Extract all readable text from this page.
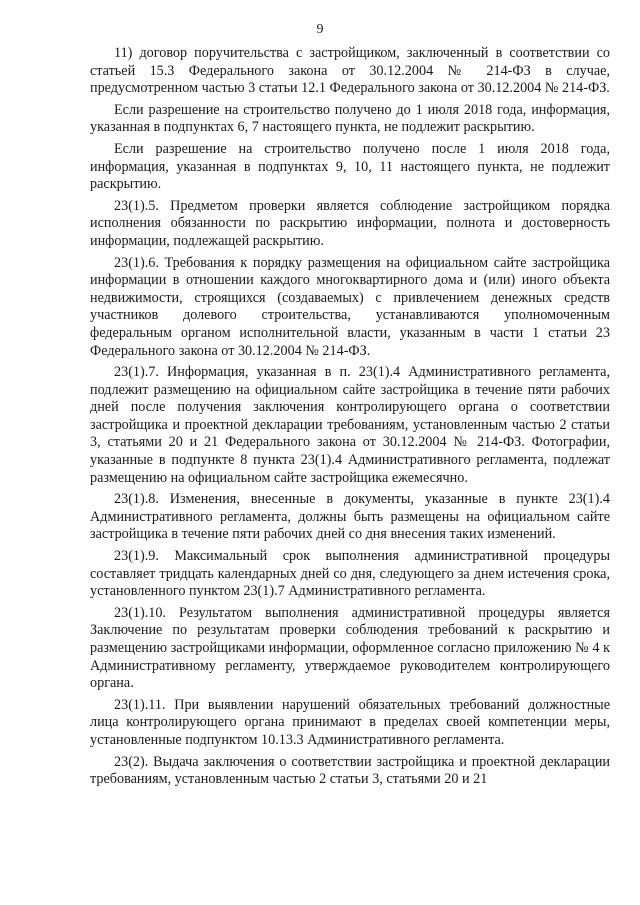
9

11) договор поручительства с застройщиком, заключенный в соответствии со статьей 15.3 Федерального закона от 30.12.2004 № 214-ФЗ в случае, предусмотренном частью 3 статьи 12.1 Федерального закона от 30.12.2004 № 214-ФЗ.

Если разрешение на строительство получено до 1 июля 2018 года, информация, указанная в подпунктах 6, 7 настоящего пункта, не подлежит раскрытию.

Если разрешение на строительство получено после 1 июля 2018 года, информация, указанная в подпунктах 9, 10, 11 настоящего пункта, не подлежит раскрытию.

23(1).5. Предметом проверки является соблюдение застройщиком порядка исполнения обязанности по раскрытию информации, полнота и достоверность информации, подлежащей раскрытию.

23(1).6. Требования к порядку размещения на официальном сайте застройщика информации в отношении каждого многоквартирного дома и (или) иного объекта недвижимости, строящихся (создаваемых) с привлечением денежных средств участников долевого строительства, устанавливаются уполномоченным федеральным органом исполнительной власти, указанным в части 1 статьи 23 Федерального закона от 30.12.2004 № 214-ФЗ.

23(1).7. Информация, указанная в п. 23(1).4 Административного регламента, подлежит размещению на официальном сайте застройщика в течение пяти рабочих дней после получения заключения контролирующего органа о соответствии застройщика и проектной декларации требованиям, установленным частью 2 статьи 3, статьями 20 и 21 Федерального закона от 30.12.2004 № 214-ФЗ. Фотографии, указанные в подпункте 8 пункта 23(1).4 Административного регламента, подлежат размещению на официальном сайте застройщика ежемесячно.

23(1).8. Изменения, внесенные в документы, указанные в пункте 23(1).4 Административного регламента, должны быть размещены на официальном сайте застройщика в течение пяти рабочих дней со дня внесения таких изменений.

23(1).9. Максимальный срок выполнения административной процедуры составляет тридцать календарных дней со дня, следующего за днем истечения срока, установленного пунктом 23(1).7 Административного регламента.

23(1).10. Результатом выполнения административной процедуры является Заключение по результатам проверки соблюдения требований к раскрытию и размещению застройщиками информации, оформленное согласно приложению № 4 к Административному регламенту, утверждаемое руководителем контролирующего органа.

23(1).11. При выявлении нарушений обязательных требований должностные лица контролирующего органа принимают в пределах своей компетенции меры, установленные подпунктом 10.13.3 Административного регламента.

23(2). Выдача заключения о соответствии застройщика и проектной декларации требованиям, установленным частью 2 статьи 3, статьями 20 и 21
